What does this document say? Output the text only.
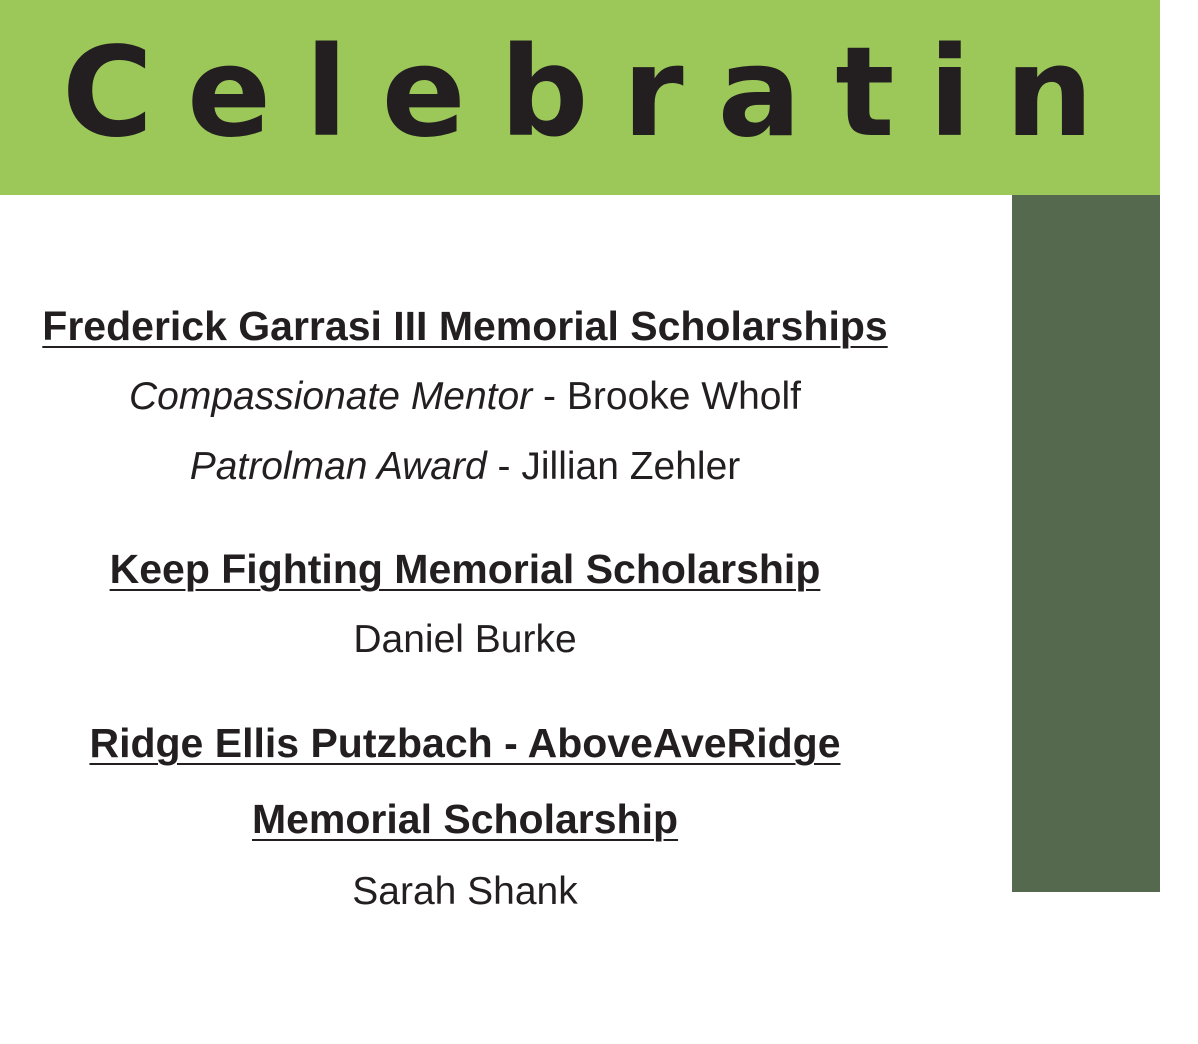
Celebratin
S
Frederick Garrasi III Memorial Scholarships

Compassionate Mentor - Brooke Wholf

Patrolman Award - Jillian Zehler

Keep Fighting Memorial Scholarship

Daniel Burke

Ridge Ellis Putzbach - AboveAveRidge
Memorial Scholarship

Sarah Shank
